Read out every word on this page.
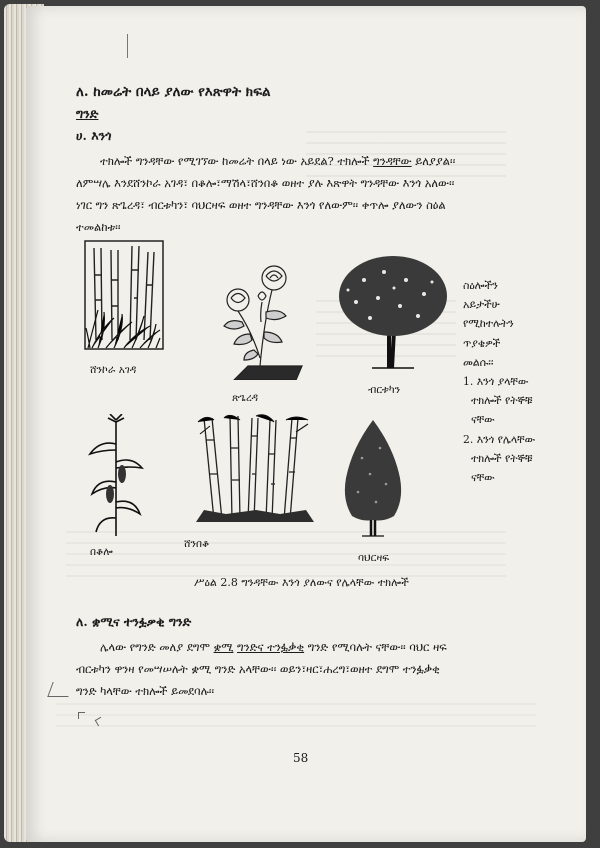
ለ. ከመሬት በላይ ያለው የእጽዋት ክፍል
ግንድ
ሀ. እንጎ
ተክሎች ግንዳቸው የሚገኘው ከመሬት በላይ ነው አይደል? ተክሎች ግንዳቸው ይለያያል፡፡
ለምሣሌ እንደሸንኮራ አገዳ፣ በቆሎ፣ማሽላ፣ሸንበቆ ወዘተ ያሉ እጽዋት ግንዳቸው እንጎ አለው፡፡
ነገር ግን ጽጌረዳ፣ ብርቱካን፣ ባህርዛፍ ወዘተ ግንዳቸው እንጎ የለውም፡፡ ቀጥሎ ያለውን ስዕል
ተመልከቱ፡፡
ሸንኮራ አገዳ
ጽጌረዳ
ብርቱካን

ስዕሎችን

አይታችሁ

የሚከተሉትን

ጥያቄዎች

መልሱ፡፡

1. እንጎ ያላቸው

ተክሎች የትኞቹ

ናቸው

2. እንጎ የሌላቸው

ተክሎች የትኞቹ

ናቸው

በቆሎ
ሸንበቆ
ባህርዛፍ
ሥዕል 2.8 ግንዳቸው እንጎ ያለውና የሌላቸው ተክሎች
ለ. ቋሚና ተንፏቃቂ ግንድ
ሌላው የግንድ መለያ ደግሞ ቋሚ ግንድና ተንፏቃቂ ግንድ የሚባሉት ናቸው፡፡ ባህር ዛፍ
ብርቱካን ዋንዛ የመሣሠሉት ቋሚ ግንድ አላቸው፡፡ ወይን፣ዛር፣ሐረግ፣ወዘተ ደግሞ ተንፏቃቂ
ግንድ ካላቸው ተክሎች ይመደባሉ፡፡
58
